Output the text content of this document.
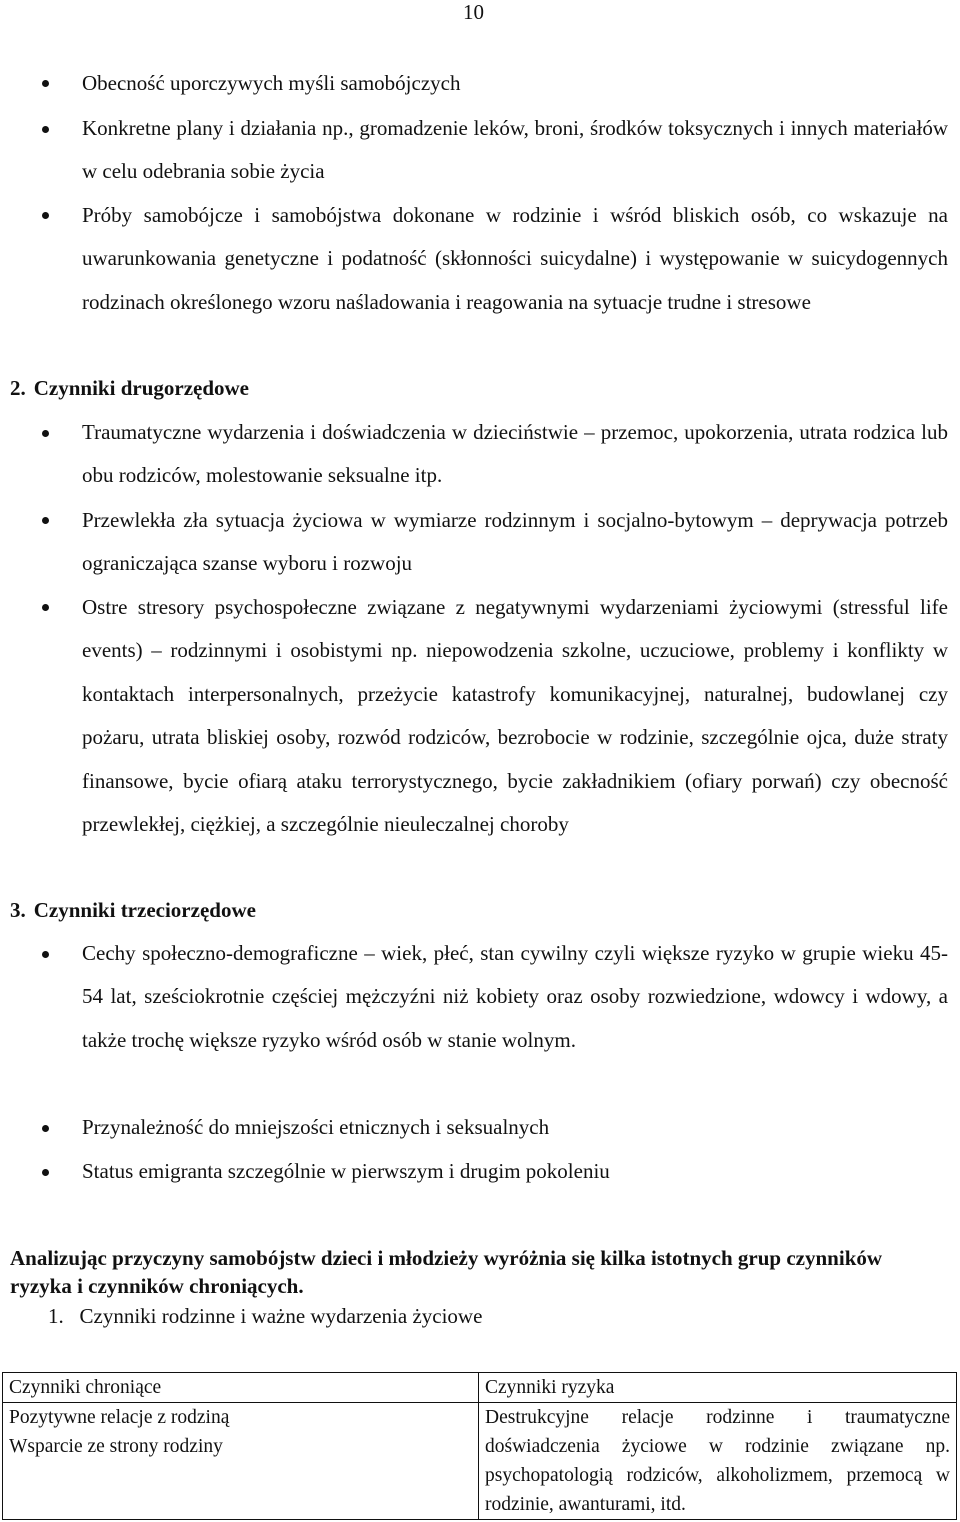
10
Obecność uporczywych myśli samobójczych
Konkretne plany i działania np., gromadzenie leków, broni, środków toksycznych i innych materiałów w celu odebrania sobie życia
Próby samobójcze i samobójstwa dokonane w rodzinie i wśród bliskich osób, co wskazuje na uwarunkowania genetyczne i podatność (skłonności suicydalne) i występowanie w suicydogennych rodzinach określonego wzoru naśladowania i reagowania na sytuacje trudne i stresowe
2. Czynniki drugorzędowe
Traumatyczne wydarzenia i doświadczenia w dzieciństwie – przemoc, upokorzenia, utrata rodzica lub obu rodziców, molestowanie seksualne itp.
Przewlekła zła sytuacja życiowa w wymiarze rodzinnym i socjalno-bytowym – deprywacja potrzeb ograniczająca szanse wyboru i rozwoju
Ostre stresory psychospołeczne związane z negatywnymi wydarzeniami życiowymi (stressful life events) – rodzinnymi i osobistymi np. niepowodzenia szkolne, uczuciowe, problemy i konflikty w kontaktach interpersonalnych, przeżycie katastrofy komunikacyjnej, naturalnej, budowlanej czy pożaru, utrata bliskiej osoby, rozwód rodziców, bezrobocie w rodzinie, szczególnie ojca, duże straty finansowe, bycie ofiarą ataku terrorystycznego, bycie zakładnikiem (ofiary porwań) czy obecność przewlekłej, ciężkiej, a szczególnie nieuleczalnej choroby
3. Czynniki trzeciorzędowe
Cechy społeczno-demograficzne – wiek, płeć, stan cywilny czyli większe ryzyko w grupie wieku 45-54 lat, sześciokrotnie częściej mężczyźni niż kobiety oraz osoby rozwiedzione, wdowcy i wdowy, a także trochę większe ryzyko wśród osób w stanie wolnym.
Przynależność do mniejszości etnicznych i seksualnych
Status emigranta szczególnie w pierwszym i drugim pokoleniu
Analizując przyczyny samobójstw dzieci i młodzieży wyróżnia się kilka istotnych grup czynników ryzyka i czynników chroniących.
1. Czynniki rodzinne i ważne wydarzenia życiowe
Czynniki chroniące	Czynniki ryzyka

Pozytywne relacje z rodziną
Wsparcie ze strony rodziny	Destrukcyjne relacje rodzinne i traumatyczne doświadczenia życiowe w rodzinie związane np. psychopatologią rodziców, alkoholizmem, przemocą w rodzinie, awanturami, itd.
